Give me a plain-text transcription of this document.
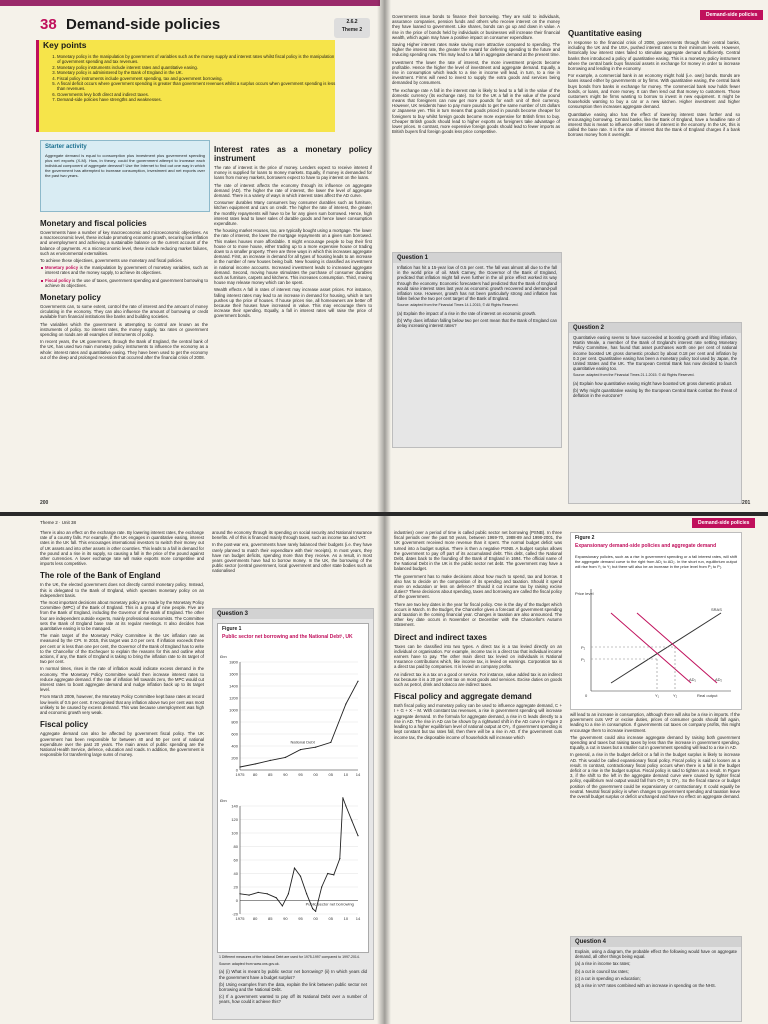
38 Demand-side policies	2.6.2
Theme 2
Key points
1. Monetary policy is the manipulation by government of variables such as the money supply and interest rates whilst fiscal policy is the manipulation of government spending and tax revenues.
2. Monetary policy instruments include interest rates and quantitative easing.
3. Monetary policy is administered by the Bank of England in the UK.
4. Fiscal policy instruments include government spending, tax and government borrowing.
5. A fiscal deficit occurs where government spending is greater than government revenues whilst a surplus occurs when government spending is less than revenues.
6. Governments levy both direct and indirect taxes.
7. Demand-side policies have strengths and weaknesses.
Starter activity

Aggregate demand is equal to consumption plus investment plus government spending plus net exports (X-M). How, in theory, could the government attempt to increase each individual component of aggregate demand? Use the Internet to find out one way in which the government has attempted to increase consumption, investment and net exports over the past two years.

Monetary and fiscal policies

Governments have a number of key macroeconomic and microeconomic objectives. As a macroeconomic level, these include promoting economic growth, securing low inflation and unemployment and achieving a sustainable balance on the current account of the balance of payments. At a microeconomic level, these include reducing market failures, such as environmental externalities.

To achieve these objectives, governments use monetary and fiscal policies.

Monetary policy is the manipulation by government of monetary variables, such as interest rates and the money supply, to achieve its objectives.

Fiscal policy is the use of taxes, government spending and government borrowing to achieve its objectives.

Monetary policy

Governments can, to some extent, control the rate of interest and the amount of money circulating in the economy. They can also influence the amount of borrowing or credit available from financial institutions like banks and building societies.

The variables which the government is attempting to control are known as the instruments of policy. So interest rates, the money supply, tax rates or government spending on roads are all examples of instruments of policy.

In recent years, the UK government, through the Bank of England, the central bank of the UK, has used two main monetary policy instruments to influence the economy as a whole: interest rates and quantitative easing. They have been used to get the economy out of the deep and prolonged recession that occurred after the financial crisis of 2008.

200
Interest rates as a monetary policy instrument

The rate of interest is the price of money. Lenders expect to receive interest if money is supplied for loans to money markets. Equally, if money is demanded for loans from money markets, borrowers expect to have to pay interest on the loans.

The rate of interest affects the economy through its influence on aggregate demand (AD). The higher the rate of interest, the lower the level of aggregate demand. There is a variety of ways in which interest rates affect the AD curve.

Consumer durables Many consumers buy consumer durables such as furniture, kitchen equipment and cars on credit. The higher the rate of interest, the greater the monthly repayments will have to be for any given sum borrowed. Hence, high interest rates lead to lower sales of durable goods and hence lower consumption expenditure.

The housing market Houses, too, are typically bought using a mortgage. The lower the rate of interest, the lower the mortgage repayments on a given sum borrowed. This makes houses more affordable. It might encourage people to buy their first house or to move house, either trading up to a more expensive house or trading down to a smaller property. There are three ways in which this increases aggregate demand. First, an increase in demand for all types of housing leads to an increase in the number of new houses being built. New housing is classified as investment in national income accounts. Increased investment leads to increased aggregate demand. Second, moving house stimulates the purchase of consumer durables such as furniture, carpets and kitchens. This increases consumption. Third, moving house may release money which can be spent.

Wealth effects A fall in rates of interest may increase asset prices. For instance, falling interest rates may lead to an increase in demand for housing, which in turn pushes up the price of houses. If house prices rise, all homeowners are better off because their houses have increased in value. This may encourage them to increase their spending. Equally, a fall in interest rates will raise the price of government bonds.

Governments issue bonds to finance their borrowing. They are sold to individuals, assurance companies, pension funds and others who receive interest on the money they have loaned to government. Like shares, bonds can go up and down in value. A rise in the price of bonds held by individuals or businesses will increase their financial wealth, which again may have a positive impact on consumer expenditure.

Saving Higher interest rates make saving more attractive compared to spending. The higher the interest rate, the greater the reward for deferring spending to the future and reducing spending now. This may lead to a fall in aggregate demand at the present time.

Investment The lower the rate of interest, the more investment projects become profitable. Hence the higher the level of investment and aggregate demand. Equally, a rise in consumption which leads to a rise in income will lead, in turn, to a rise in investment. Firms will need to invest to supply the extra goods and services being demanded by consumers.

The exchange rate A fall in the interest rate is likely to lead to a fall in the value of the domestic currency (its exchange rate). So for the UK a fall in the value of the pound means that foreigners can now get more pounds for each unit of their currency. However, UK residents have to pay more pounds to get the same number of US dollars or Japanese yen. This in turn means that goods priced in pounds become cheaper for foreigners to buy whilst foreign goods become more expensive for British firms to buy. Cheaper British goods should lead to higher exports as foreigners take advantage of lower prices. In contrast, more expensive foreign goods should lead to fewer imports as British buyers find foreign goods less price competitive.

Question 1

Inflation has hit a 15-year low of 0.5 per cent. The fall was almost all due to the fall in the world price of oil. Mark Carney, the Governor of the Bank of England, predicted that inflation might fall even further in the oil price effect worked its way through the economy. Economic forecasters had predicted that the Bank of England would raise interest rates last year as economic growth recovered and demand-pull inflation rose. However, growth has not been particularly strong and inflation has fallen below the two per cent target of the Bank of England.

Source: adapted from the Financial Times 14.1.2015, © All Rights Reserved.

(a) Explain the impact of a rise in the rate of interest on economic growth.

(b) Why does inflation falling below two per cent mean that the Bank of England can delay increasing interest rates?

Demand-side policies
Quantitative easing

In response to the financial crisis of 2008, governments through their central banks, including the UK and the USA, pushed interest rates to their minimum levels. However, historically low interest rates failed to stimulate aggregate demand sufficiently. Central banks then introduced a policy of quantitative easing. This is a monetary policy instrument where the central bank buys financial assets in exchange for money in order to increase borrowing and lending in the economy.

For example, a commercial bank in an economy might hold (i.e. own) bonds. Bonds are loans issued either by governments or by firms. With quantitative easing, the central bank buys bonds from banks in exchange for money. The commercial bank now holds fewer bonds, or loans, and more money. It can then lend out that money to customers. Those customers might be firms wanting to borrow to invest in new equipment. It might be households wanting to buy a car or a new kitchen. Higher investment and higher consumption then increases aggregate demand.

Quantitative easing also has the effect of lowering interest rates further and so encouraging borrowing. Central banks, like the Bank of England, have a headline rate of interest that is meant to influence other rates of interest in the economy. In the UK, this is called the base rate. It is the rate of interest that the Bank of England charges if a bank borrows money from it overnight.

Question 2

Quantitative easing seems to have succeeded at boosting growth and lifting inflation, Martin Weale, a member of the Bank of England's interest rate setting Monetary Policy Committee, has found that asset purchases worth one per cent of national income boosted UK gross domestic product by about 0.18 per cent and inflation by 0.3 per cent. Quantitative easing has been a monetary policy tool used by Japan, the United States and the UK. The European Central Bank has now decided to launch quantitative easing too.

Source: adapted from the Financial Times 21.1.2015. © All Rights Reserved.

(a) Explain how quantitative easing might have boosted UK gross domestic product.

(b) Why might quantitative easing by the European Central Bank combat the threat of deflation in the eurozone?

201
Theme 2 · Unit 38	Demand-side policies

There is also an effect on the exchange rate. By lowering interest rates, the exchange rate of a country falls. For example, if the UK engages in quantitative easing, interest rates in the UK fall. This encourages international investors to switch their money out of UK assets and into other assets in other countries. This leads to a fall in demand for the pound and a rise in its supply, so causing a fall in the price of the pound against other currencies. A lower exchange rate will make exports more competitive and imports less competitive.

The role of the Bank of England

In the UK, the elected government does not directly control monetary policy. Instead, this is delegated to the Bank of England, which operates monetary policy on an independent basis.

The most important decisions about monetary policy are made by the Monetary Policy Committee (MPC) of the Bank of England. This is a group of nine people. Five are from the Bank of England, including the Governor of the Bank of England. The other four are independent outside experts, mainly professional economists. The Committee sets the Bank of England base rate at its regular meetings. It also decides how quantitative easing is to be managed.

The main target of the Monetary Policy Committee is the UK inflation rate as measured by the CPI. In 2015, this target was 2.0 per cent. If inflation exceeds three per cent or is less than one per cent, the Governor of the Bank of England has to write to the Chancellor of the Exchequer to explain the reasons for this and outline what actions, if any, the Bank of England is taking to bring the inflation rate to its target of two per cent.

In normal times, rises in the rate of inflation would indicate excess demand in the economy. The Monetary Policy Committee would then increase interest rates to reduce aggregate demand. If the rate of inflation fell towards zero, the MPC would cut interest rates to boost aggregate demand and nudge inflation back up to its target level.

From March 2009, however, the Monetary Policy Committee kept base rates at record low levels of 0.5 per cent. It recognised that any inflation above two per cent was most unlikely to be caused by excess demand. This was because unemployment was high and economic growth very weak.

Fiscal policy

Aggregate demand can also be affected by government fiscal policy. The UK government has been responsible for between 40 and 50 per cent of national expenditure over the past 20 years. The main areas of public spending are the National Health Service, defence, education and roads. In addition, the government is responsible for transferring large sums of money.

around the economy through its spending on social security and National Insurance benefits. All of this is financed mainly through taxes, such as income tax and VAT.

In the post-war era, governments have rarely balanced their budgets (i.e. they have rarely planned to match their expenditure with their receipts). In most years, they have run budget deficits, spending more than they receive. As a result, in most years governments have had to borrow money. In the UK, the borrowing of the public sector (central government, local government and other state bodies such as nationalised

Question 3
Figure 1
Public sector net borrowing and the National Debt¹, UK
£bn
0
200
400
600
800
1000
1200
1400
1600
1800
1975 80	85	90	95	00	05	10 14
National Debt
£bn
-20
0
20
40
60
80
100
120
140
1975 80	85	90	95	00	05	10 14
Public sector net borrowing

1 Different measures of the National Debt are used for 1975-1997 compared to 1997-2014.

Source: adapted from www.ons.gov.uk.

(a) (i) What is meant by public sector net borrowing? (ii) In which years did the government have a budget surplus?

(b) Using examples from the data, explain the link between public sector net borrowing and the National Debt.

(c) If a government wanted to pay off its National Debt over a number of years, how could it achieve this?

industries) over a period of time is called public sector net borrowing (PSNB). In three fiscal periods over the past 50 years, between 1969-70, 1988-89 and 1998-2001, the UK government received more revenue than it spent. The normal budget deficit was turned into a budget surplus. There is then a negative PSNB. A budget surplus allows the government to pay off part of its accumulated debt. This debt, called the National Debt, dates back to the founding of the Bank of England in 1694. The official name of the National Debt in the UK is the public sector net debt. The government may have a balanced budget.

The government has to make decisions about how much to spend, tax and borrow. It also has to decide on the composition of its spending and taxation. Should it spend more on education or less on defence? Should it cut income tax by raising excise duties? These decisions about spending, taxes and borrowing are called the fiscal policy of the government.

There are two key dates in the year for fiscal policy. One is the day of the Budget which occurs in March. In the Budget, the Chancellor gives a forecast of government spending and taxation in the coming financial year. Changes in taxation are also announced. The other key date occurs in November or December with the Chancellor's Autumn Statement.

Direct and indirect taxes

Taxes can be classified into two types. A direct tax is a tax levied directly on an individual or organisation. For example, income tax is a direct tax that individual income earners have to pay. The other main direct tax levied on individuals is National Insurance contributions which, like income tax, is levied on earnings. Corporation tax is a direct tax paid by companies. It is levied on company profits.

An indirect tax is a tax on a good or service. For instance, value added tax is an indirect tax because it is a 20 per cent tax on most goods and services. Excise duties on goods such as petrol, drink and tobacco are indirect taxes.

Fiscal policy and aggregate demand

Both fiscal policy and monetary policy can be used to influence aggregate demand, C + I + G + X − M. With constant tax revenues, a rise in government spending will increase aggregate demand. In the formula for aggregate demand, a rise in G leads directly to a rise in AD. The rise in AD can be shown by a rightward shift in the AD curve in Figure 2 leading to a higher equilibrium level of national output at OY₁. If government spending is kept constant but tax rates fall, then there will be a rise in AD. If the government cuts income tax, the disposable income of households will increase which

Figure 2
Expansionary demand-side policies and aggregate demand
Expansionary policies, such as a rise in government spending or a fall interest rates, will shift the aggregate demand curve to the right from AD₁ to AD₂. In the short run, equilibrium output will rise from Y₁ to Y₂ but there will also be an increase in the price level from P₁ to P₂.
Price level
SRAS
AD₁	AD₂
P₂
P₁
0	Y₁	Y₂	Real output

will lead to an increase in consumption, although there will also be a rise in imports. If the government cuts VAT or excise duties, prices of consumer goods should fall again, leading to a rise in consumption. If governments cut taxes on company profits, this might encourage them to increase investment.

The government could also increase aggregate demand by raising both government spending and taxes but raising taxes by less than the increase in government spending. Equally, a cut in taxes but a smaller cut in government spending will lead to a rise in AD.

In general, a rise in the budget deficit or a fall in the budget surplus is likely to increase AD. This would be called expansionary fiscal policy. Fiscal policy is said to loosen as a result. In contrast, contractionary fiscal policy occurs when there is a fall in the budget deficit or a rise in the budget surplus. Fiscal policy is said to tighten as a result. In Figure 3, if the shift to the left in the aggregate demand curve were caused by tighter fiscal policy, equilibrium real output would fall from OY₂ to OY₁. So the fiscal stance or budget position of the government could be expansionary or contractionary. It could equally be neutral. Neutral fiscal policy is when changes to government spending and taxation leave the overall budget surplus or deficit unchanged and have no effect on aggregate demand.

Question 4

Explain, using a diagram, the probable effect the following would have on aggregate demand, all other things being equal.

(a) a rise in income tax rates;

(b) a cut in council tax rates;

(c) a cut in spending on education;

(d) a rise in VAT rates combined with an increase in spending on the NHS.
